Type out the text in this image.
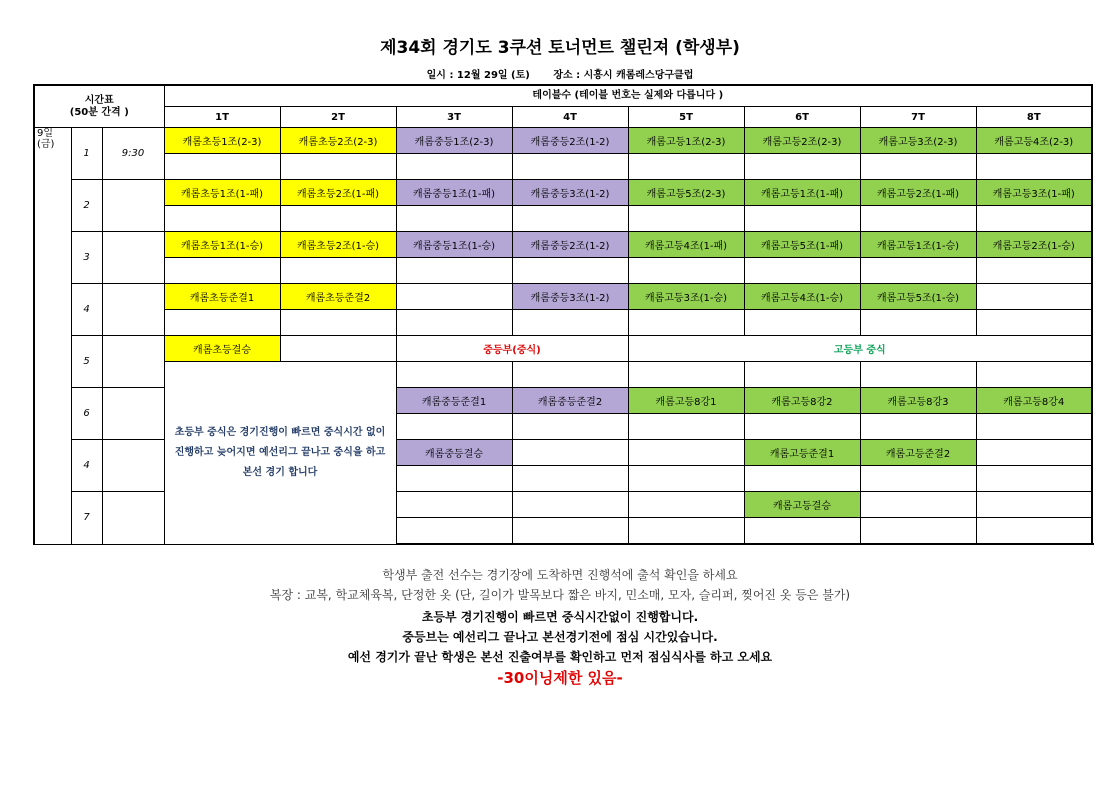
제34회 경기도 3쿠션 토너먼트 챌린져 (학생부)
일시 : 12월 29일 (토) 장소 : 시흥시 캐롬레스당구클럽
시간표
(50분 간격 )			테이블수 (테이블 번호는 실제와 다릅니다 )								
			1T	2T	3T	4T	5T	6T	7T	8T	
9일
(금)	1	9:30	캐롬초등1조(2-3)	캐롬초등2조(2-3)	캐롬중등1조(2-3)	캐롬중등2조(1-2)	캐롬고등1조(2-3)	캐롬고등2조(2-3)	캐롬고등3조(2-3)	캐롬고등4조(2-3)	

	2		캐롬초등1조(1-패)	캐롬초등2조(1-패)	캐롬중등1조(1-패)	캐롬중등3조(1-2)	캐롬고등5조(2-3)	캐롬고등1조(1-패)	캐롬고등2조(1-패)	캐롬고등3조(1-패)	

	3		캐롬초등1조(1-승)	캐롬초등2조(1-승)	캐롬중등1조(1-승)	캐롬중등2조(1-2)	캐롬고등4조(1-패)	캐롬고등5조(1-패)	캐롬고등1조(1-승)	캐롬고등2조(1-승)	

	4		캐롬초등준결1	캐롬초등준결2		캐롬중등3조(1-2)	캐롬고등3조(1-승)	캐롬고등4조(1-승)	캐롬고등5조(1-승)		

	5		캐롬초등결승		중등부(중식)		고등부 중식				
			초등부 중식은 경기진행이 빠르면 중식시간 없이 진행하고 늦어지면 예선리그 끝나고 중식을 하고 본선 경기 합니다								
	6				캐롬중등준결1	캐롬중등준결2	캐롬고등8강1	캐롬고등8강2	캐롬고등8강3	캐롬고등8강4	

	4				캐롬중등결승			캐롬고등준결1	캐롬고등준결2		

	7							캐롬고등결승			

학생부 출전 선수는 경기장에 도착하면 진행석에 출석 확인을 하세요
복장 : 교복, 학교체육복, 단정한 옷 (단, 길이가 발목보다 짧은 바지, 민소매, 모자, 슬리퍼, 찢어진 옷 등은 불가)
초등부 경기진행이 빠르면 중식시간없이 진행합니다.
중등브는 예선리그 끝나고 본선경기전에 점심 시간있습니다.
예선 경기가 끝난 학생은 본선 진출여부를 확인하고 먼저 점심식사를 하고 오세요
-30이닝제한 있음-
